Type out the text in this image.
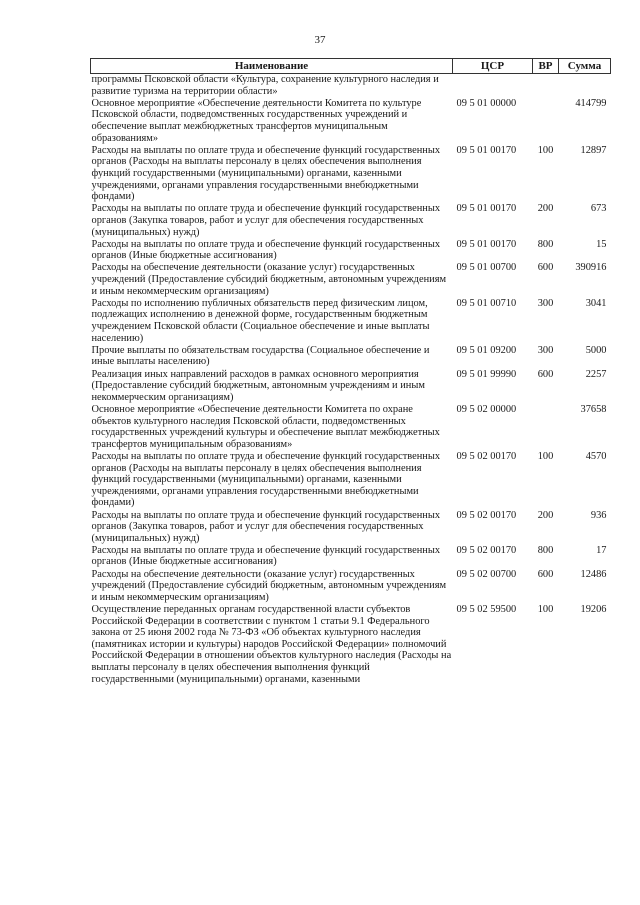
37
Наименование	ЦСР	ВР	Сумма
программы Псковской области «Культура, сохранение культурного наследия и развитие туризма на территории области»			
Основное мероприятие «Обеспечение деятельности Комитета по культуре Псковской области, подведомственных государственных учреждений и обеспечение выплат межбюджетных трансфертов муниципальным образованиям»	09 5 01 00000		414799
Расходы на выплаты по оплате труда и обеспечение функций государственных органов (Расходы на выплаты персоналу в целях обеспечения выполнения функций государственными (муниципальными) органами, казенными учреждениями, органами управления государственными внебюджетными фондами)	09 5 01 00170	100	12897
Расходы на выплаты по оплате труда и обеспечение функций государственных органов (Закупка товаров, работ и услуг для обеспечения государственных (муниципальных) нужд)	09 5 01 00170	200	673
Расходы на выплаты по оплате труда и обеспечение функций государственных органов (Иные бюджетные ассигнования)	09 5 01 00170	800	15
Расходы на обеспечение деятельности (оказание услуг) государственных учреждений (Предоставление субсидий бюджетным, автономным учреждениям и иным некоммерческим организациям)	09 5 01 00700	600	390916
Расходы по исполнению публичных обязательств перед физическим лицом, подлежащих исполнению в денежной форме, государственным бюджетным учреждением Псковской области (Социальное обеспечение и иные выплаты населению)	09 5 01 00710	300	3041
Прочие выплаты по обязательствам государства (Социальное обеспечение и иные выплаты населению)	09 5 01 09200	300	5000
Реализация иных направлений расходов в рамках основного мероприятия (Предоставление субсидий бюджетным, автономным учреждениям и иным некоммерческим организациям)	09 5 01 99990	600	2257
Основное мероприятие «Обеспечение деятельности Комитета по охране объектов культурного наследия Псковской области, подведомственных государственных учреждений культуры и обеспечение выплат межбюджетных трансфертов муниципальным образованиям»	09 5 02 00000		37658
Расходы на выплаты по оплате труда и обеспечение функций государственных органов (Расходы на выплаты персоналу в целях обеспечения выполнения функций государственными (муниципальными) органами, казенными учреждениями, органами управления государственными внебюджетными фондами)	09 5 02 00170	100	4570
Расходы на выплаты по оплате труда и обеспечение функций государственных органов (Закупка товаров, работ и услуг для обеспечения государственных (муниципальных) нужд)	09 5 02 00170	200	936
Расходы на выплаты по оплате труда и обеспечение функций государственных органов (Иные бюджетные ассигнования)	09 5 02 00170	800	17
Расходы на обеспечение деятельности (оказание услуг) государственных учреждений (Предоставление субсидий бюджетным, автономным учреждениям и иным некоммерческим организациям)	09 5 02 00700	600	12486
Осуществление переданных органам государственной власти субъектов Российской Федерации в соответствии с пунктом 1 статьи 9.1 Федерального закона от 25 июня 2002 года № 73-ФЗ «Об объектах культурного наследия (памятниках истории и культуры) народов Российской Федерации» полномочий Российской Федерации в отношении объектов культурного наследия (Расходы на выплаты персоналу в целях обеспечения выполнения функций государственными (муниципальными) органами, казенными	09 5 02 59500	100	19206
